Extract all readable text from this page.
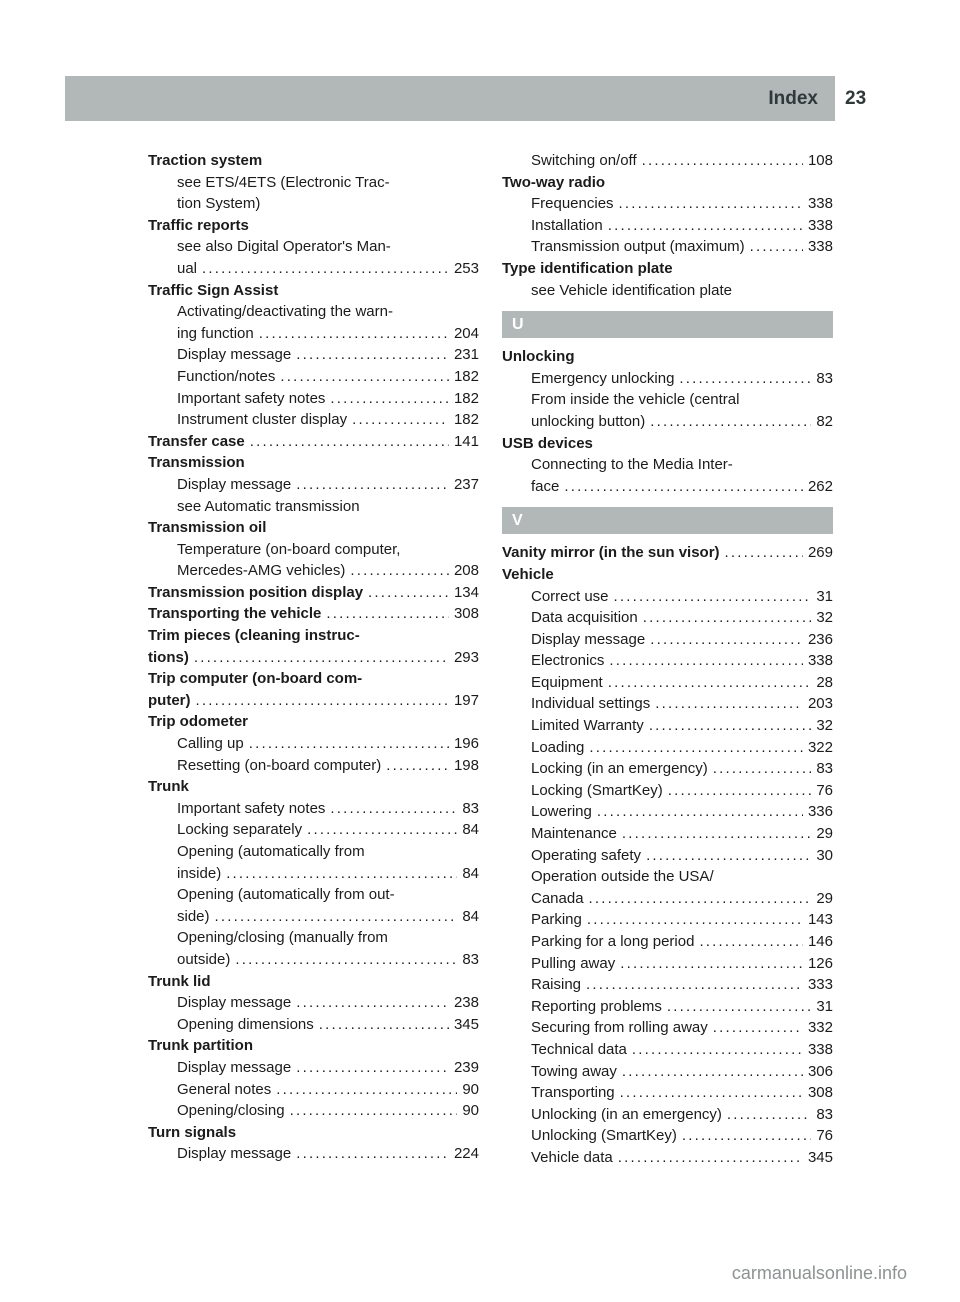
Index 23
Traction system
see ETS/4ETS (Electronic Trac-
tion System)
Traffic reports
see also Digital Operator's Man-
ual .....	253
Traffic Sign Assist
Activating/deactivating the warn-
ing function .....	204
Display message .....	231
Function/notes .....	182
Important safety notes .....	182
Instrument cluster display .....	182
Transfer case .....	141
Transmission
Display message .....	237
see Automatic transmission
Transmission oil
Temperature (on-board computer,
Mercedes-AMG vehicles) .....	208
Transmission position display .....	134
Transporting the vehicle .....	308
Trim pieces (cleaning instruc-
tions) .....	293
Trip computer (on-board com-
puter) .....	197
Trip odometer
Calling up .....	196
Resetting (on-board computer) .....	198
Trunk
Important safety notes .....	83
Locking separately .....	84
Opening (automatically from
inside) .....	84
Opening (automatically from out-
side) .....	84
Opening/closing (manually from
outside) .....	83
Trunk lid
Display message .....	238
Opening dimensions .....	345
Trunk partition
Display message .....	239
General notes .....	90
Opening/closing .....	90
Turn signals
Display message .....	224
Switching on/off .....	108
Two-way radio
Frequencies .....	338
Installation .....	338
Transmission output (maximum) .....	338
Type identification plate
see Vehicle identification plate
U
Unlocking
Emergency unlocking .....	83
From inside the vehicle (central
unlocking button) .....	82
USB devices
Connecting to the Media Inter-
face .....	262
V
Vanity mirror (in the sun visor) .....	269
Vehicle
Correct use .....	31
Data acquisition .....	32
Display message .....	236
Electronics .....	338
Equipment .....	28
Individual settings .....	203
Limited Warranty .....	32
Loading .....	322
Locking (in an emergency) .....	83
Locking (SmartKey) .....	76
Lowering .....	336
Maintenance .....	29
Operating safety .....	30
Operation outside the USA/
Canada .....	29
Parking .....	143
Parking for a long period .....	146
Pulling away .....	126
Raising .....	333
Reporting problems .....	31
Securing from rolling away .....	332
Technical data .....	338
Towing away .....	306
Transporting .....	308
Unlocking (in an emergency) .....	83
Unlocking (SmartKey) .....	76
Vehicle data .....	345
carmanualsonline.info
